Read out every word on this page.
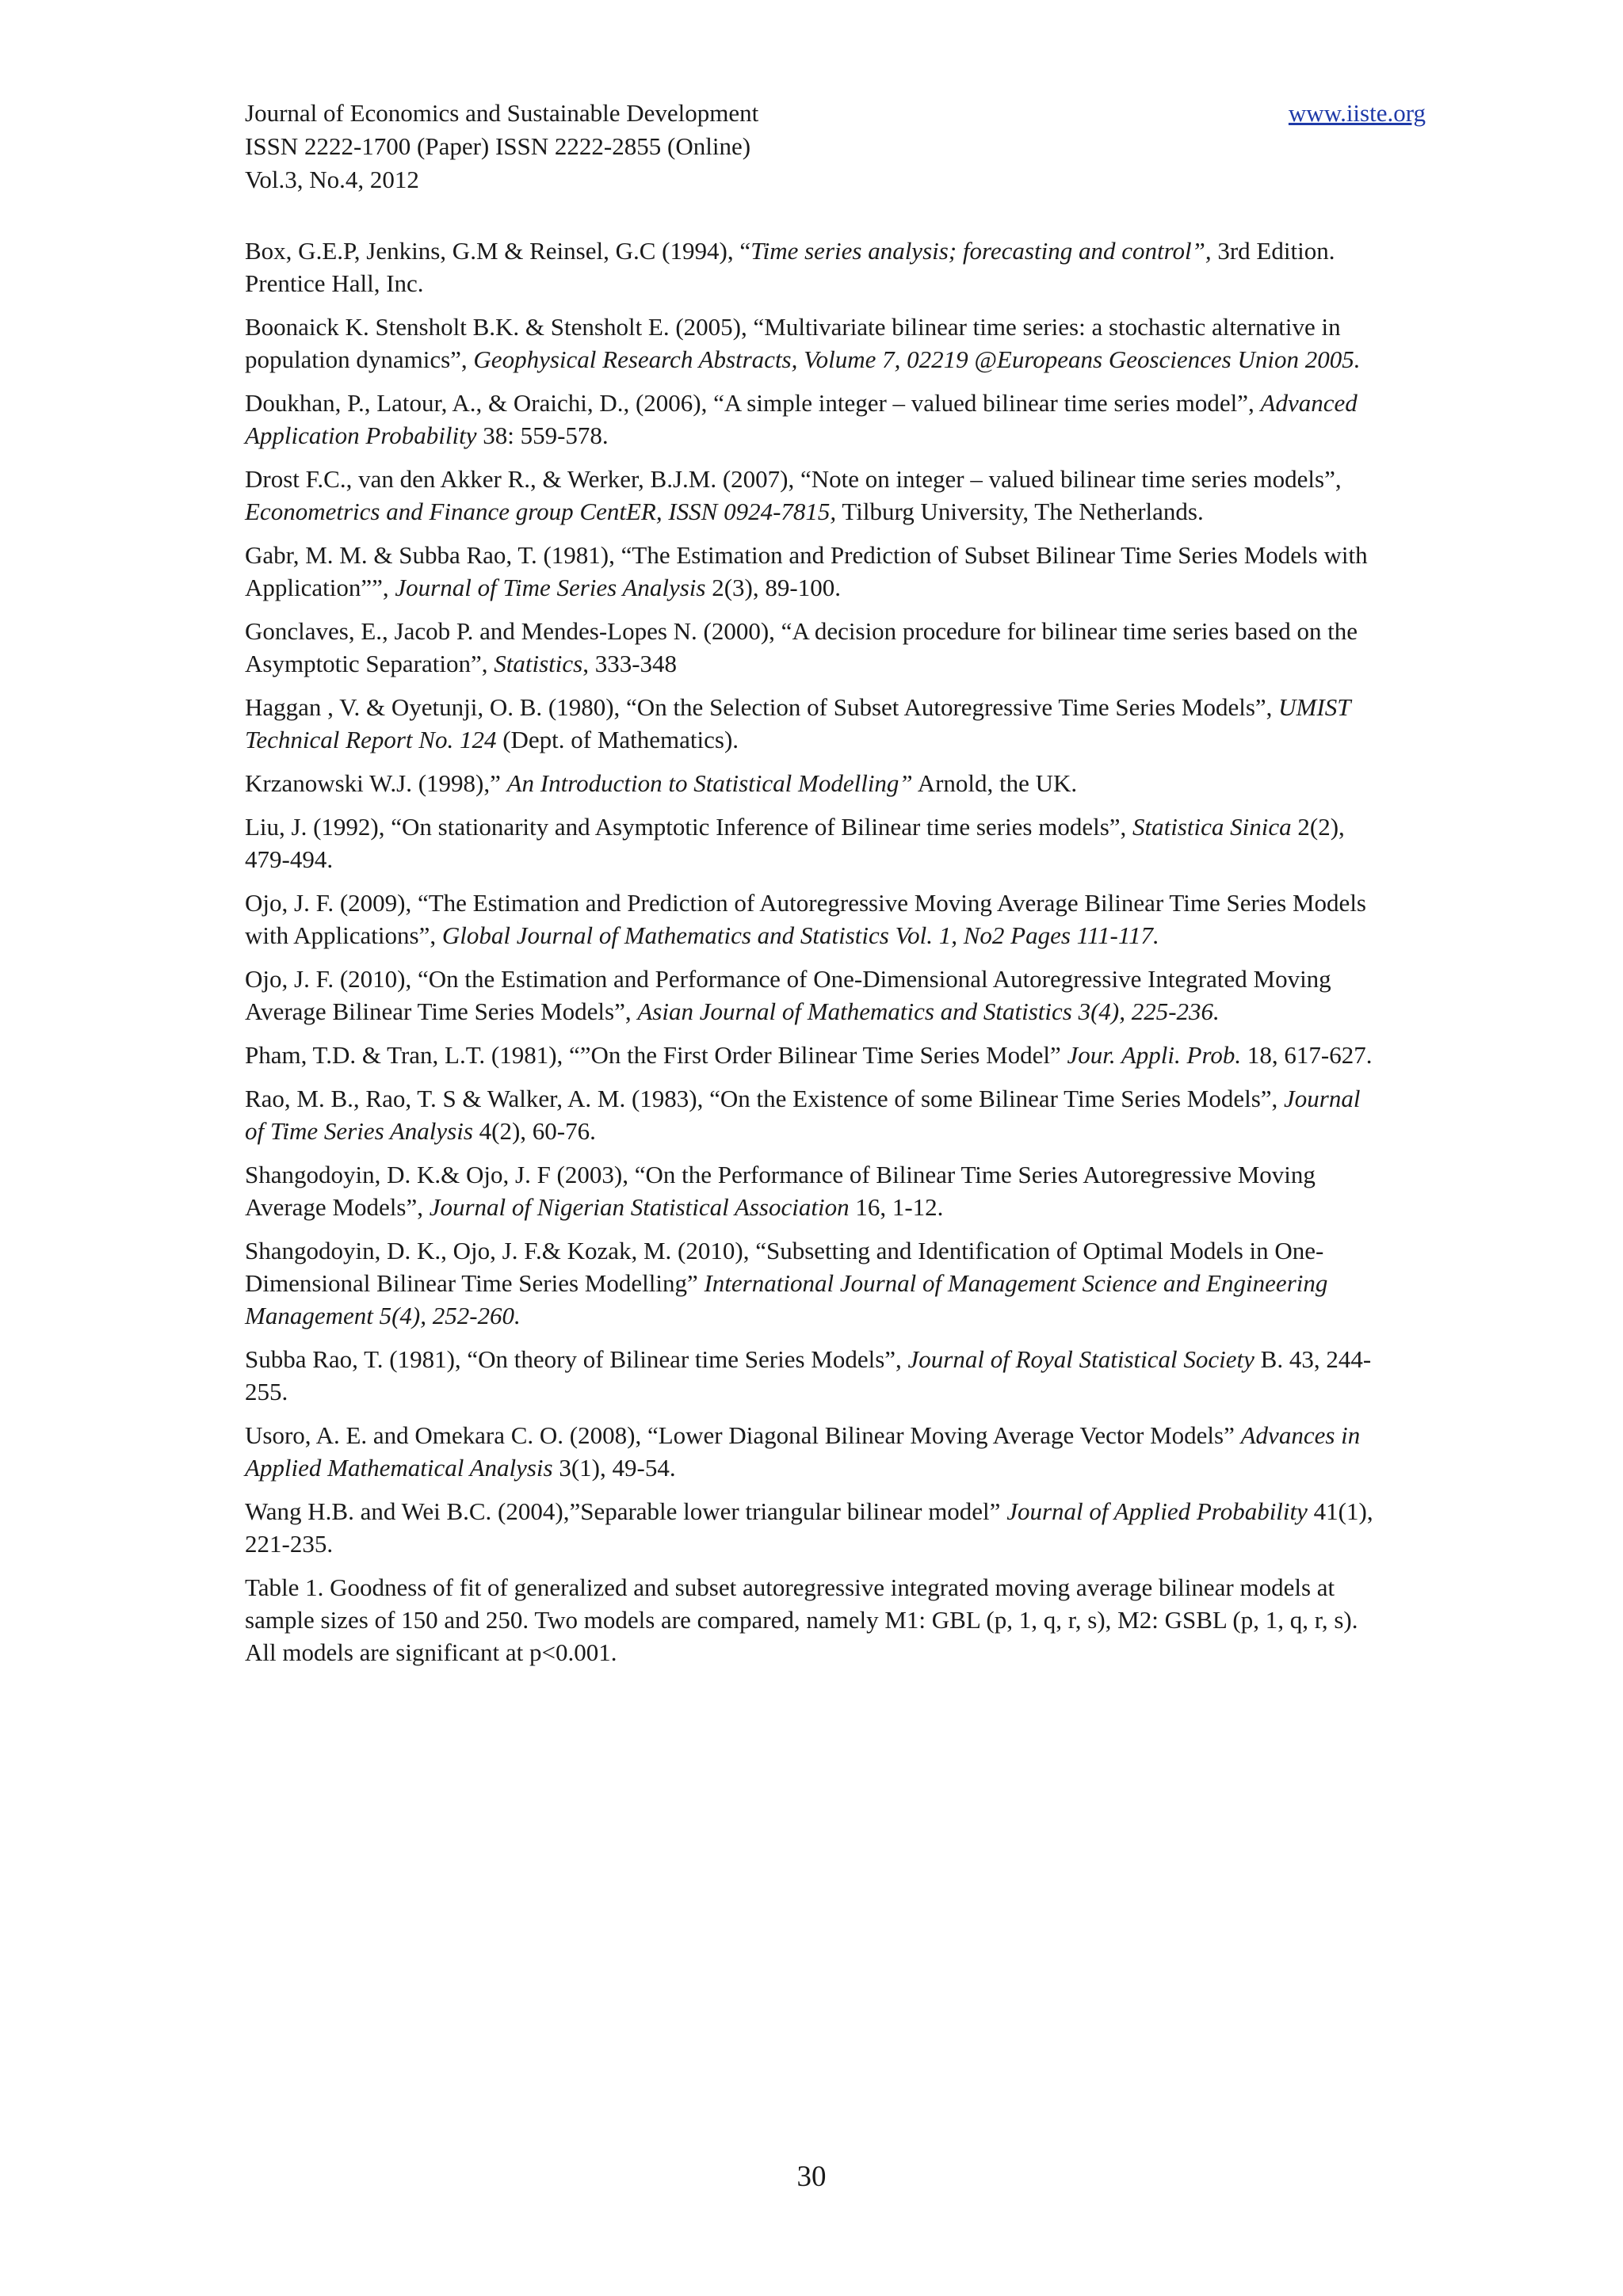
Journal of Economics and Sustainable Development
ISSN 2222-1700 (Paper) ISSN 2222-2855 (Online)
Vol.3, No.4, 2012
www.iiste.org

Box, G.E.P, Jenkins, G.M & Reinsel, G.C (1994), “Time series analysis; forecasting and control”, 3rd Edition. Prentice Hall, Inc.

Boonaick K. Stensholt B.K. & Stensholt E. (2005), “Multivariate bilinear time series: a stochastic alternative in population dynamics”, Geophysical Research Abstracts, Volume 7, 02219 @Europeans Geosciences Union 2005.

Doukhan, P., Latour, A., & Oraichi, D., (2006), “A simple integer – valued bilinear time series model”, Advanced Application Probability 38: 559-578.

Drost F.C., van den Akker R., & Werker, B.J.M. (2007), “Note on integer – valued bilinear time series models”, Econometrics and Finance group CentER, ISSN 0924-7815, Tilburg University, The Netherlands.

Gabr, M. M. & Subba Rao, T. (1981), “The Estimation and Prediction of Subset Bilinear Time Series Models with Application””, Journal of Time Series Analysis 2(3), 89-100.

Gonclaves, E., Jacob P. and Mendes-Lopes N. (2000), “A decision procedure for bilinear time series based on the Asymptotic Separation”, Statistics, 333-348

Haggan , V. & Oyetunji, O. B. (1980), “On the Selection of Subset Autoregressive Time Series Models”, UMIST Technical Report No. 124 (Dept. of Mathematics).

Krzanowski W.J. (1998),” An Introduction to Statistical Modelling” Arnold, the UK.

Liu, J. (1992), “On stationarity and Asymptotic Inference of Bilinear time series models”, Statistica Sinica 2(2), 479-494.

Ojo, J. F. (2009), “The Estimation and Prediction of Autoregressive Moving Average Bilinear Time Series Models with Applications”, Global Journal of Mathematics and Statistics Vol. 1, No2 Pages 111-117.

Ojo, J. F. (2010), “On the Estimation and Performance of One-Dimensional Autoregressive Integrated Moving Average Bilinear Time Series Models”, Asian Journal of Mathematics and Statistics 3(4), 225-236.

Pham, T.D. & Tran, L.T. (1981), “”On the First Order Bilinear Time Series Model” Jour. Appli. Prob. 18, 617-627.

Rao, M. B., Rao, T. S & Walker, A. M. (1983), “On the Existence of some Bilinear Time Series Models”, Journal of Time Series Analysis 4(2), 60-76.

Shangodoyin, D. K.& Ojo, J. F (2003), “On the Performance of Bilinear Time Series Autoregressive Moving Average Models”, Journal of Nigerian Statistical Association 16, 1-12.

Shangodoyin, D. K., Ojo, J. F.& Kozak, M. (2010), “Subsetting and Identification of Optimal Models in One-Dimensional Bilinear Time Series Modelling” International Journal of Management Science and Engineering Management 5(4), 252-260.

Subba Rao, T. (1981), “On theory of Bilinear time Series Models”, Journal of Royal Statistical Society B. 43, 244-255.

Usoro, A. E. and Omekara C. O. (2008), “Lower Diagonal Bilinear Moving Average Vector Models” Advances in Applied Mathematical Analysis 3(1), 49-54.

Wang H.B. and Wei B.C. (2004),”Separable lower triangular bilinear model” Journal of Applied Probability 41(1), 221-235.

Table 1. Goodness of fit of generalized and subset autoregressive integrated moving average bilinear models at sample sizes of 150 and 250. Two models are compared, namely M1: GBL (p, 1, q, r, s), M2: GSBL (p, 1, q, r, s). All models are significant at p<0.001.

30
